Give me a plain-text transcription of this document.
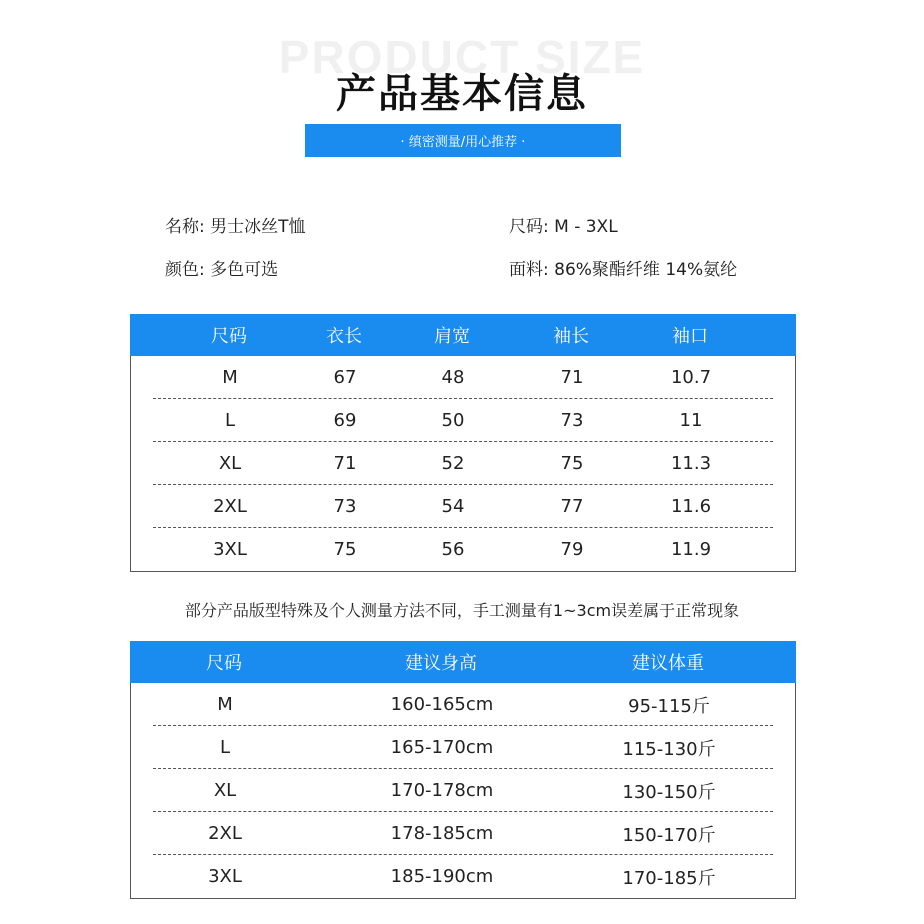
PRODUCT SIZE
产品基本信息
· 缜密测量/用心推荐 ·
名称: 男士冰丝T恤	尺码: M - 3XL
颜色: 多色可选	面料: 86%聚酯纤维 14%氨纶
尺码	衣长	肩宽	袖长	袖口
M	67	48	71	10.7
L	69	50	73	11
XL	71	52	75	11.3
2XL	73	54	77	11.6
3XL	75	56	79	11.9
部分产品版型特殊及个人测量方法不同，手工测量有1~3cm误差属于正常现象
尺码	建议身高	建议体重
M	160-165cm	95-115斤
L	165-170cm	115-130斤
XL	170-178cm	130-150斤
2XL	178-185cm	150-170斤
3XL	185-190cm	170-185斤
